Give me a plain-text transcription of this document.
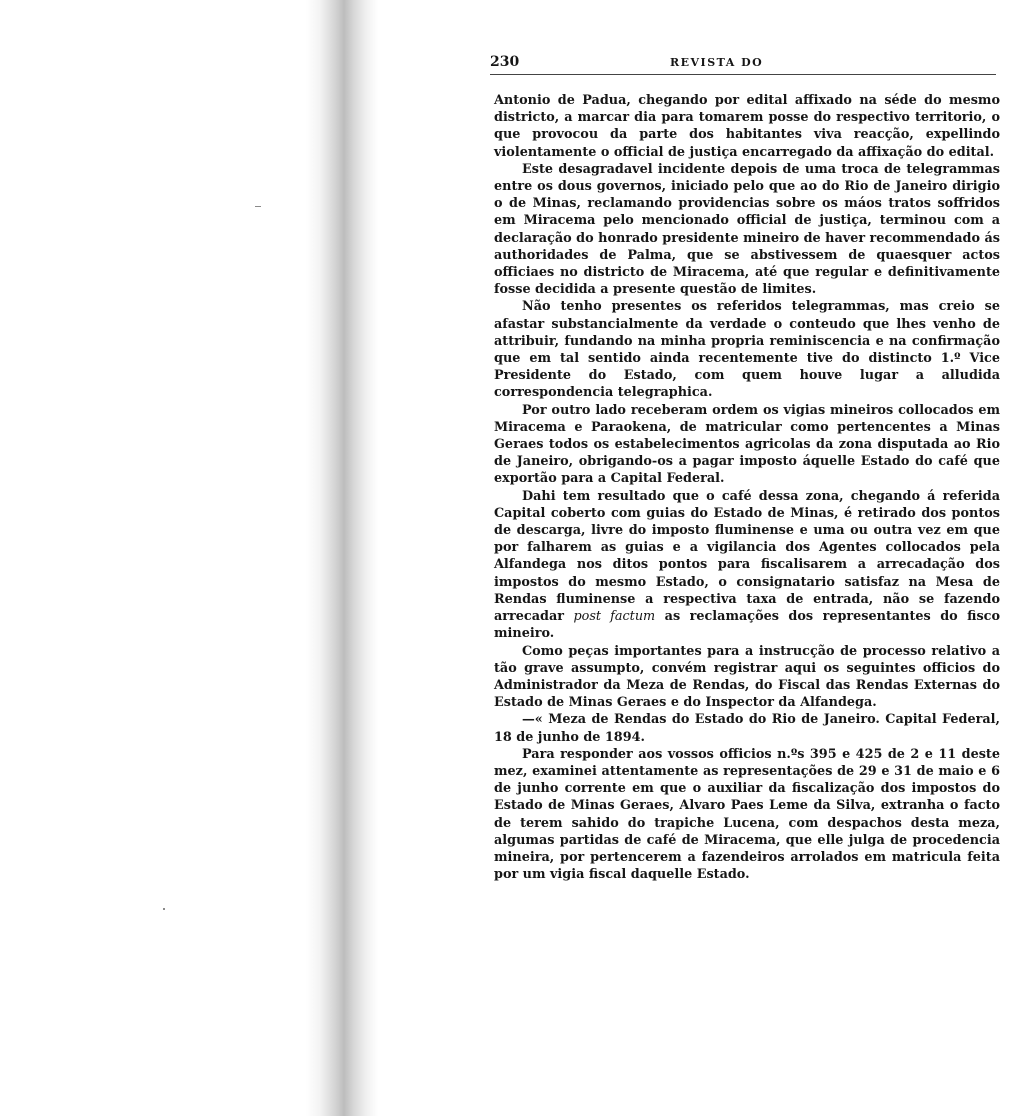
230	REVISTA DO

Antonio de Padua, chegando por edital affixado na séde do mesmo districto, a marcar dia para tomarem posse do respectivo territorio, o que provocou da parte dos habitantes viva reacção, expellindo violentamente o official de justiça encarregado da affixação do edital.

Este desagradavel incidente depois de uma troca de telegrammas entre os dous governos, iniciado pelo que ao do Rio de Janeiro dirigio o de Minas, reclamando providencias sobre os máos tratos soffridos em Miracema pelo mencionado official de justiça, terminou com a declaração do honrado presidente mineiro de haver recommendado ás authoridades de Palma, que se abstivessem de quaesquer actos officiaes no districto de Miracema, até que regular e definitivamente fosse decidida a presente questão de limites.

Não tenho presentes os referidos telegrammas, mas creio se afastar substancialmente da verdade o conteudo que lhes venho de attribuir, fundando na minha propria reminiscencia e na confirmação que em tal sentido ainda recentemente tive do distincto 1.º Vice Presidente do Estado, com quem houve lugar a alludida correspondencia telegraphica.

Por outro lado receberam ordem os vigias mineiros collocados em Miracema e Paraokena, de matricular como pertencentes a Minas Geraes todos os estabelecimentos agricolas da zona disputada ao Rio de Janeiro, obrigando-os a pagar imposto áquelle Estado do café que exportão para a Capital Federal.

Dahi tem resultado que o café dessa zona, chegando á referida Capital coberto com guias do Estado de Minas, é retirado dos pontos de descarga, livre do imposto fluminense e uma ou outra vez em que por falharem as guias e a vigilancia dos Agentes collocados pela Alfandega nos ditos pontos para fiscalisarem a arrecadação dos impostos do mesmo Estado, o consignatario satisfaz na Mesa de Rendas fluminense a respectiva taxa de entrada, não se fazendo arrecadar post factum as reclamações dos representantes do fisco mineiro.

Como peças importantes para a instrucção de processo relativo a tão grave assumpto, convém registrar aqui os seguintes officios do Administrador da Meza de Rendas, do Fiscal das Rendas Externas do Estado de Minas Geraes e do Inspector da Alfandega.

—« Meza de Rendas do Estado do Rio de Janeiro. Capital Federal, 18 de junho de 1894.

Para responder aos vossos officios n.ºs 395 e 425 de 2 e 11 deste mez, examinei attentamente as representações de 29 e 31 de maio e 6 de junho corrente em que o auxiliar da fiscalização dos impostos do Estado de Minas Geraes, Alvaro Paes Leme da Silva, extranha o facto de terem sahido do trapiche Lucena, com despachos desta meza, algumas partidas de café de Miracema, que elle julga de procedencia mineira, por pertencerem a fazendeiros arrolados em matricula feita por um vigia fiscal daquelle Estado.
